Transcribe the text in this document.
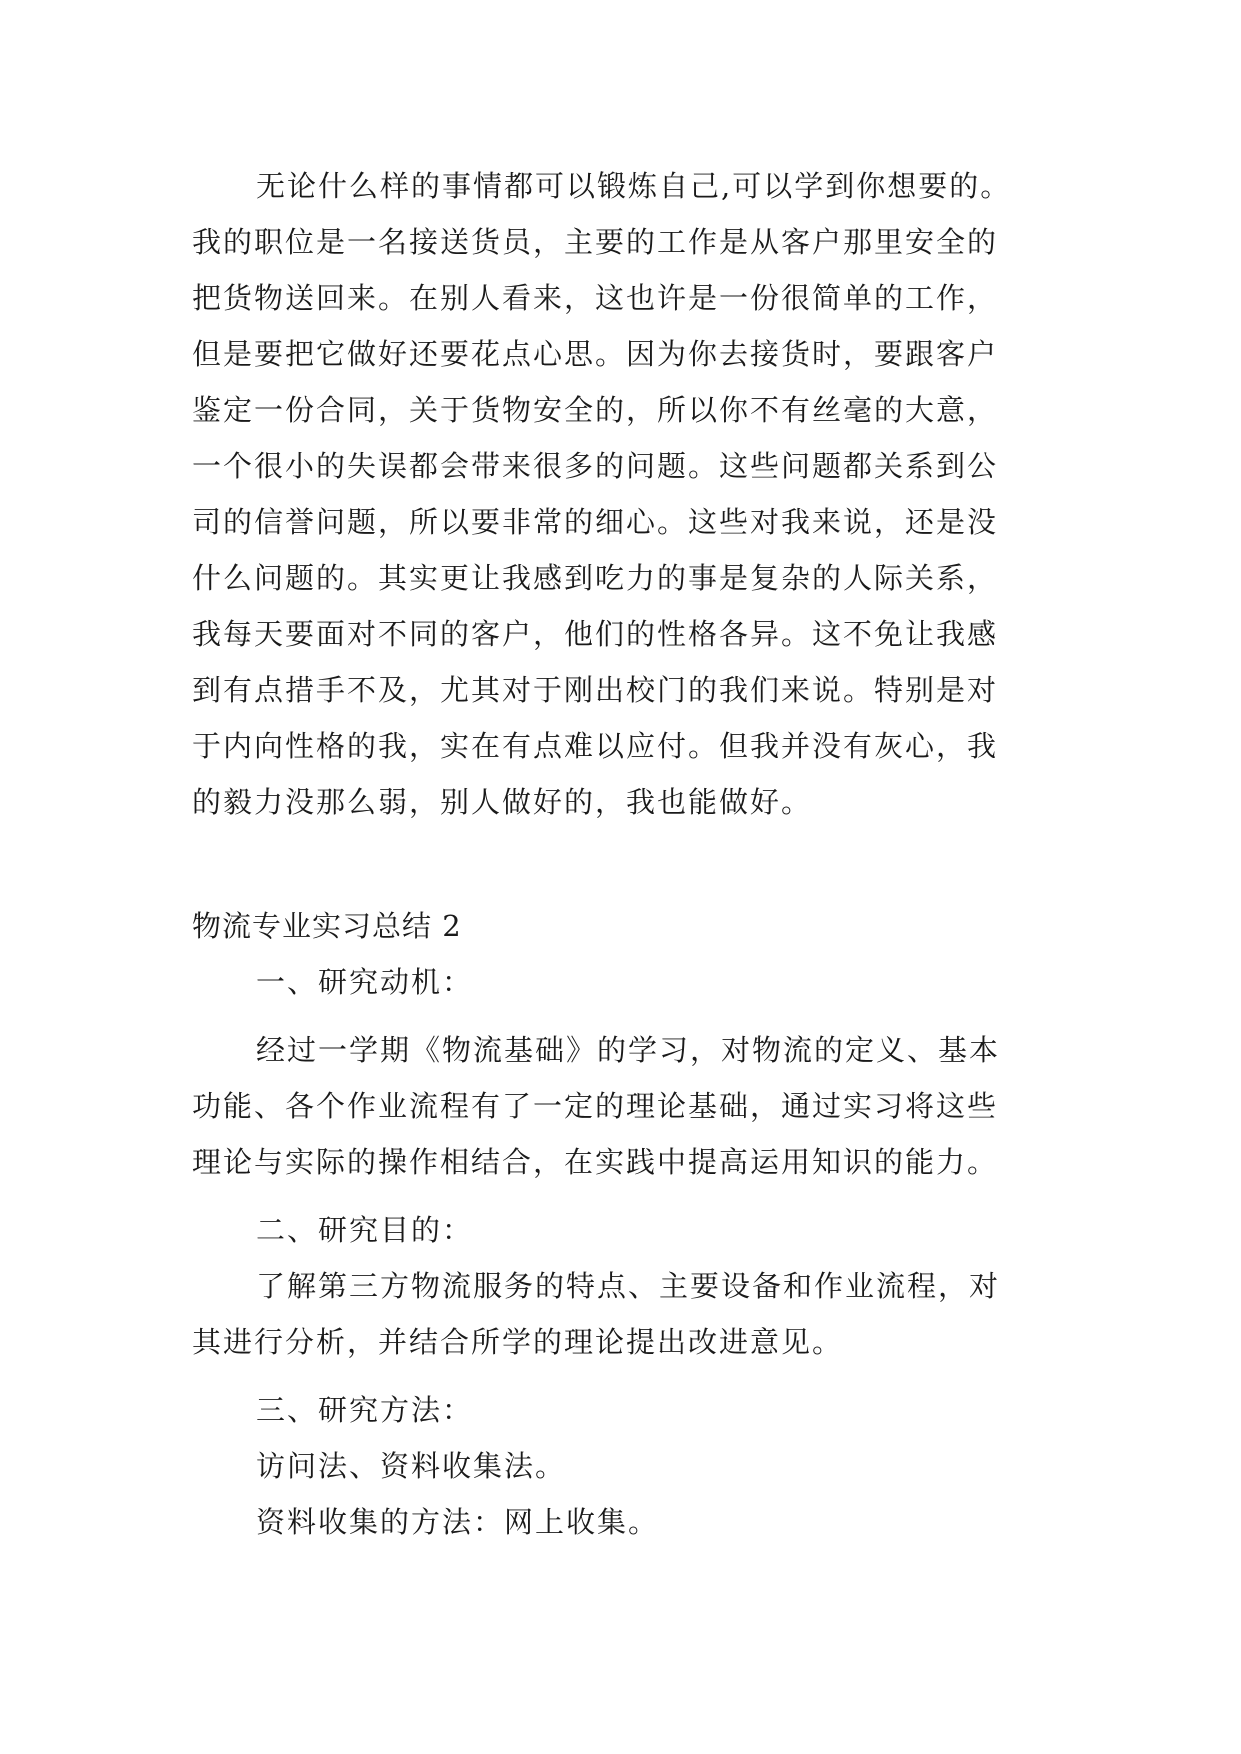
无论什么样的事情都可以锻炼自己,可以学到你想要的。
我的职位是一名接送货员，主要的工作是从客户那里安全的
把货物送回来。在别人看来，这也许是一份很简单的工作，
但是要把它做好还要花点心思。因为你去接货时，要跟客户
鉴定一份合同，关于货物安全的，所以你不有丝毫的大意，
一个很小的失误都会带来很多的问题。这些问题都关系到公
司的信誉问题，所以要非常的细心。这些对我来说，还是没
什么问题的。其实更让我感到吃力的事是复杂的人际关系，
我每天要面对不同的客户，他们的性格各异。这不免让我感
到有点措手不及，尤其对于刚出校门的我们来说。特别是对
于内向性格的我，实在有点难以应付。但我并没有灰心，我
的毅力没那么弱，别人做好的，我也能做好。
物流专业实习总结 2
一、研究动机：
经过一学期《物流基础》的学习，对物流的定义、基本
功能、各个作业流程有了一定的理论基础，通过实习将这些
理论与实际的操作相结合，在实践中提高运用知识的能力。
二、研究目的：
了解第三方物流服务的特点、主要设备和作业流程，对
其进行分析，并结合所学的理论提出改进意见。
三、研究方法：
访问法、资料收集法。
资料收集的方法：网上收集。
